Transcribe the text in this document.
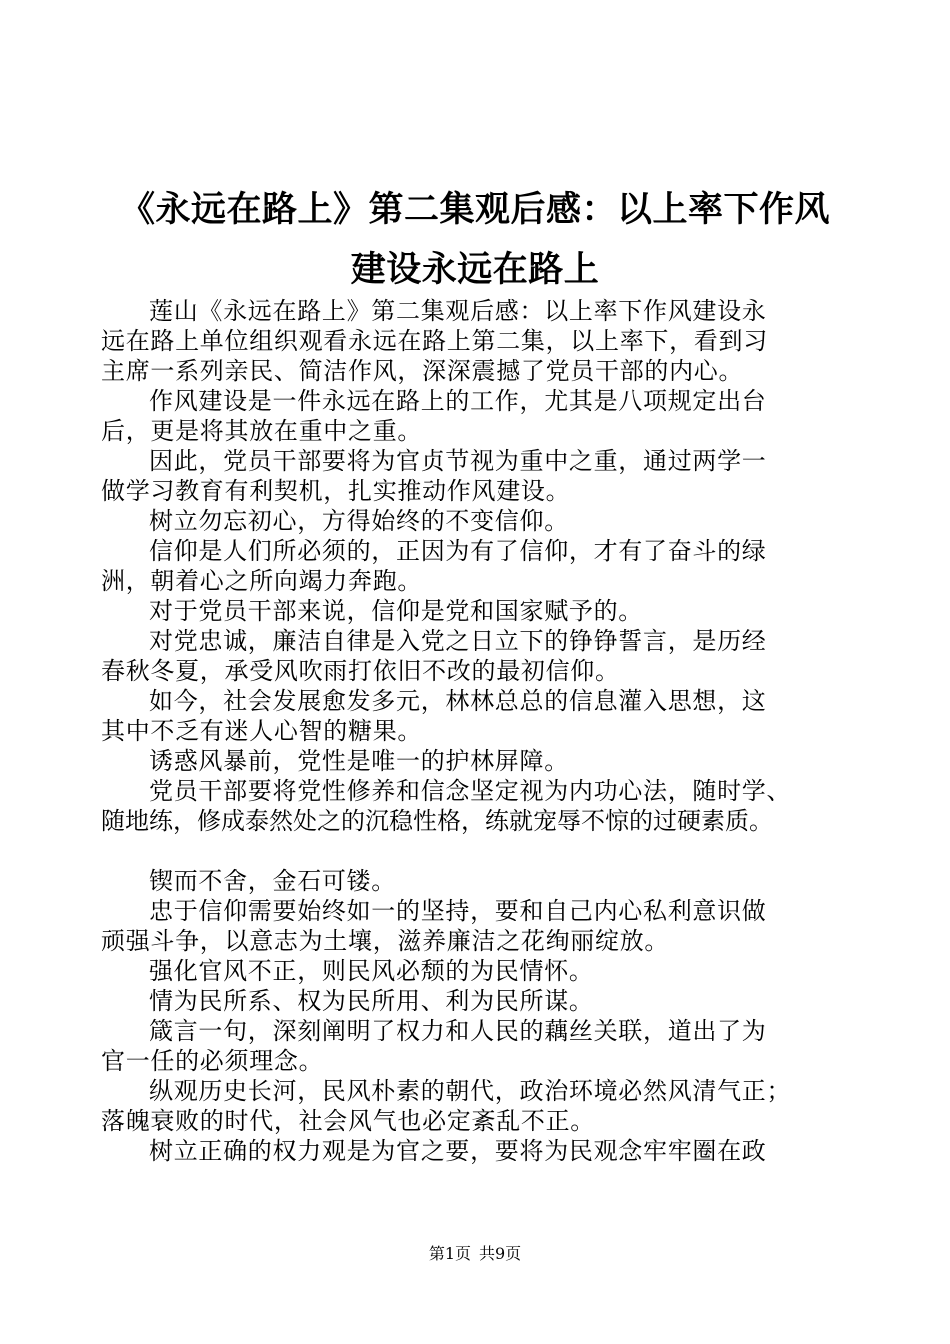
《永远在路上》第二集观后感：以上率下作风
建设永远在路上

莲山《永远在路上》第二集观后感：以上率下作风建设永
远在路上单位组织观看永远在路上第二集，以上率下，看到习
主席一系列亲民、简洁作风，深深震撼了党员干部的内心。

作风建设是一件永远在路上的工作，尤其是八项规定出台
后，更是将其放在重中之重。

因此，党员干部要将为官贞节视为重中之重，通过两学一
做学习教育有利契机，扎实推动作风建设。

树立勿忘初心，方得始终的不变信仰。

信仰是人们所必须的，正因为有了信仰，才有了奋斗的绿
洲，朝着心之所向竭力奔跑。

对于党员干部来说，信仰是党和国家赋予的。

对党忠诚，廉洁自律是入党之日立下的铮铮誓言，是历经
春秋冬夏，承受风吹雨打依旧不改的最初信仰。

如今，社会发展愈发多元，林林总总的信息灌入思想，这
其中不乏有迷人心智的糖果。

诱惑风暴前，党性是唯一的护林屏障。

党员干部要将党性修养和信念坚定视为内功心法，随时学、
随地练，修成泰然处之的沉稳性格，练就宠辱不惊的过硬素质。

锲而不舍，金石可镂。

忠于信仰需要始终如一的坚持，要和自己内心私利意识做
顽强斗争，以意志为土壤，滋养廉洁之花绚丽绽放。

强化官风不正，则民风必颓的为民情怀。

情为民所系、权为民所用、利为民所谋。

箴言一句，深刻阐明了权力和人民的藕丝关联，道出了为
官一任的必须理念。

纵观历史长河，民风朴素的朝代，政治环境必然风清气正；
落魄衰败的时代，社会风气也必定紊乱不正。

树立正确的权力观是为官之要，要将为民观念牢牢圈在政

第1页 共9页
